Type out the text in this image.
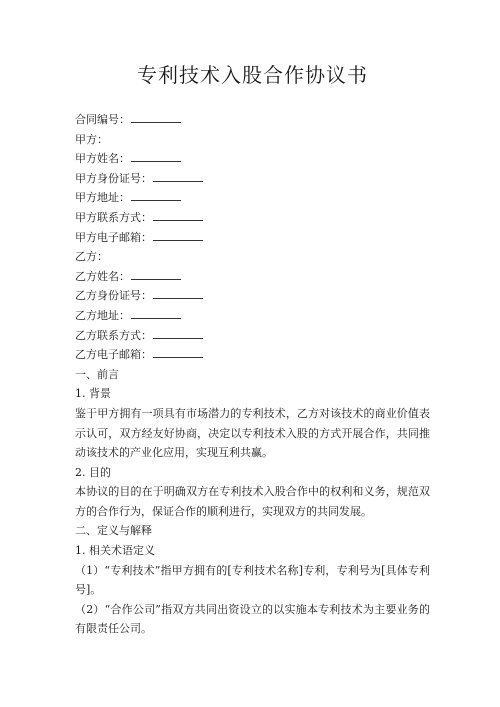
专利技术入股合作协议书
合同编号：
甲方：
甲方姓名：
甲方身份证号：
甲方地址：
甲方联系方式：
甲方电子邮箱：
乙方：
乙方姓名：
乙方身份证号：
乙方地址：
乙方联系方式：
乙方电子邮箱：
一、前言
1. 背景
鉴于甲方拥有一项具有市场潜力的专利技术，乙方对该技术的商业价值表示认可，双方经友好协商，决定以专利技术入股的方式开展合作，共同推动该技术的产业化应用，实现互利共赢。
2. 目的
本协议的目的在于明确双方在专利技术入股合作中的权利和义务，规范双方的合作行为，保证合作的顺利进行，实现双方的共同发展。
二、定义与解释
1. 相关术语定义
（1）“专利技术”指甲方拥有的[专利技术名称]专利，专利号为[具体专利号]。
（2）“合作公司”指双方共同出资设立的以实施本专利技术为主要业务的有限责任公司。
